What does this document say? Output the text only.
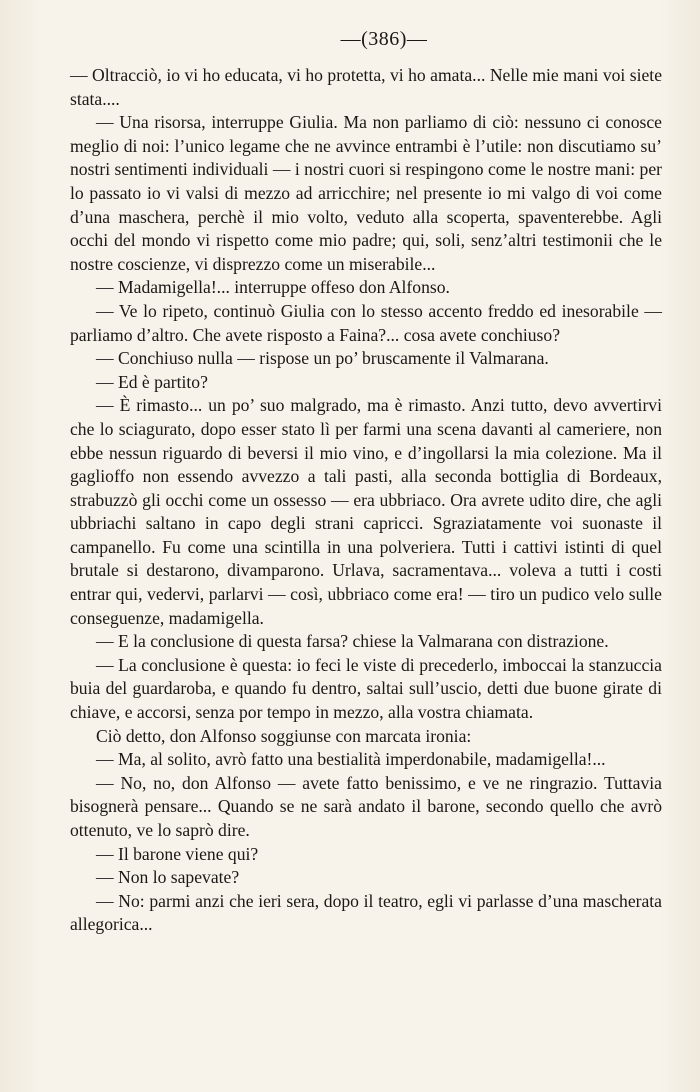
—(386)—

— Oltracciò, io vi ho educata, vi ho protetta, vi ho amata... Nelle mie mani voi siete stata....

— Una risorsa, interruppe Giulia. Ma non parliamo di ciò: nessuno ci conosce meglio di noi: l’unico legame che ne avvince entrambi è l’utile: non discutiamo su’ nostri sentimenti individuali — i nostri cuori si respingono come le nostre mani: per lo passato io vi valsi di mezzo ad arricchire; nel presente io mi valgo di voi come d’una maschera, perchè il mio volto, veduto alla scoperta, spaventerebbe. Agli occhi del mondo vi rispetto come mio padre; qui, soli, senz’altri testimonii che le nostre coscienze, vi disprezzo come un miserabile...

— Madamigella!... interruppe offeso don Alfonso.

— Ve lo ripeto, continuò Giulia con lo stesso accento freddo ed inesorabile — parliamo d’altro. Che avete risposto a Faina?... cosa avete conchiuso?

— Conchiuso nulla — rispose un po’ bruscamente il Valmarana.

— Ed è partito?

— È rimasto... un po’ suo malgrado, ma è rimasto. Anzi tutto, devo avvertirvi che lo sciagurato, dopo esser stato lì per farmi una scena davanti al cameriere, non ebbe nessun riguardo di beversi il mio vino, e d’ingollarsi la mia colezione. Ma il gaglioffo non essendo avvezzo a tali pasti, alla seconda bottiglia di Bordeaux, strabuzzò gli occhi come un ossesso — era ubbriaco. Ora avrete udito dire, che agli ubbriachi saltano in capo degli strani capricci. Sgraziatamente voi suonaste il campanello. Fu come una scintilla in una polveriera. Tutti i cattivi istinti di quel brutale si destarono, divamparono. Urlava, sacramentava... voleva a tutti i costi entrar qui, vedervi, parlarvi — così, ubbriaco come era! — tiro un pudico velo sulle conseguenze, madamigella.

— E la conclusione di questa farsa? chiese la Valmarana con distrazione.

— La conclusione è questa: io feci le viste di precederlo, imboccai la stanzuccia buia del guardaroba, e quando fu dentro, saltai sull’uscio, detti due buone girate di chiave, e accorsi, senza por tempo in mezzo, alla vostra chiamata.

Ciò detto, don Alfonso soggiunse con marcata ironia:

— Ma, al solito, avrò fatto una bestialità imperdonabile, madamigella!...

— No, no, don Alfonso — avete fatto benissimo, e ve ne ringrazio. Tuttavia bisognerà pensare... Quando se ne sarà andato il barone, secondo quello che avrò ottenuto, ve lo saprò dire.

— Il barone viene qui?

— Non lo sapevate?

— No: parmi anzi che ieri sera, dopo il teatro, egli vi parlasse d’una mascherata allegorica...
